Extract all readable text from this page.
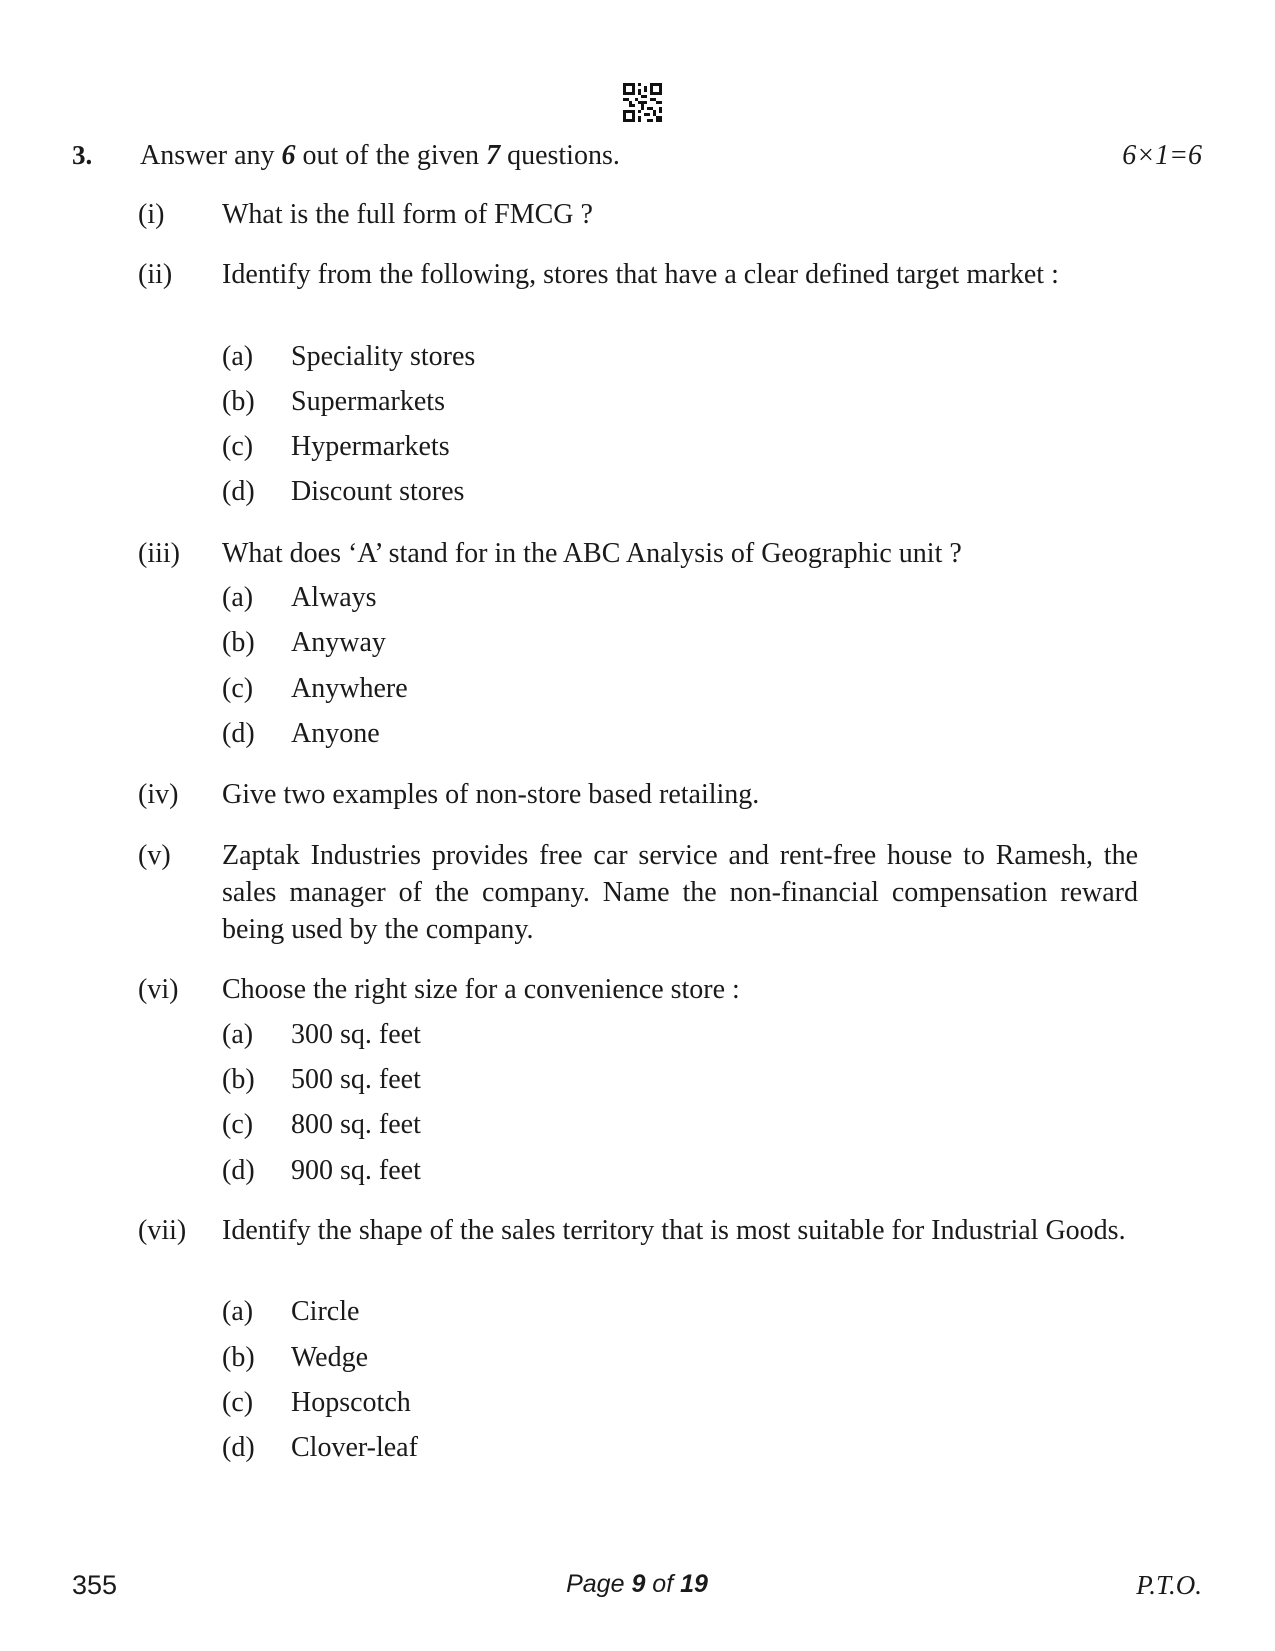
3. Answer any 6 out of the given 7 questions.	6×1=6
(i) What is the full form of FMCG ?
(ii) Identify from the following, stores that have a clear defined target market :
(a) Speciality stores
(b) Supermarkets
(c) Hypermarkets
(d) Discount stores
(iii) What does ‘A’ stand for in the ABC Analysis of Geographic unit ?
(a) Always
(b) Anyway
(c) Anywhere
(d) Anyone
(iv) Give two examples of non-store based retailing.
(v) Zaptak Industries provides free car service and rent-free house to Ramesh, the sales manager of the company. Name the non-financial compensation reward being used by the company.
(vi) Choose the right size for a convenience store :
(a) 300 sq. feet
(b) 500 sq. feet
(c) 800 sq. feet
(d) 900 sq. feet
(vii) Identify the shape of the sales territory that is most suitable for Industrial Goods.
(a) Circle
(b) Wedge
(c) Hopscotch
(d) Clover-leaf
355	Page 9 of 19	P.T.O.
